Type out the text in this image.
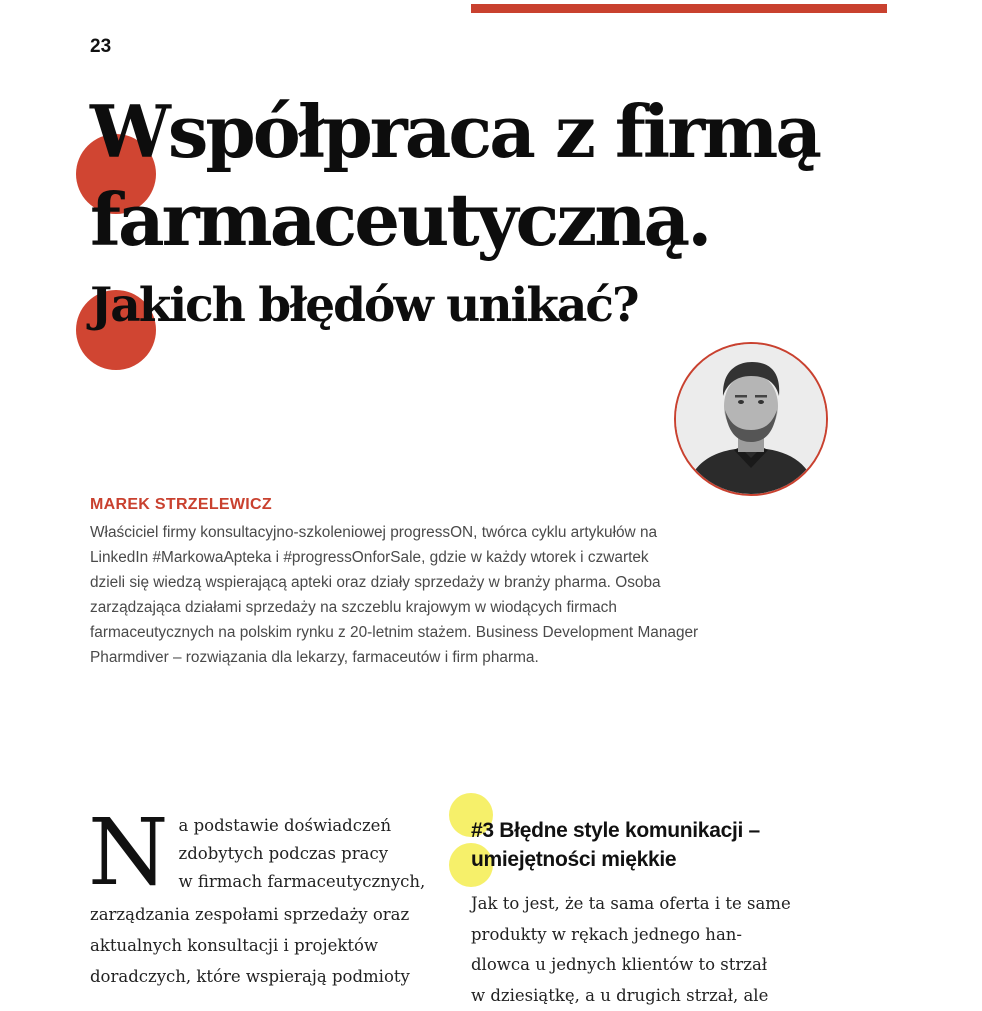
23
Współpraca z firmą
farmaceutyczną.
Jakich błędów unikać?
MAREK STRZELEWICZ

Właściciel firmy konsultacyjno-szkoleniowej progressON, twórca cyklu artykułów na
LinkedIn #MarkowaApteka i #progressOnforSale, gdzie w każdy wtorek i czwartek
dzieli się wiedzą wspierającą apteki oraz działy sprzedaży w branży pharma. Osoba
zarządzająca działami sprzedaży na szczeblu krajowym w wiodących firmach
farmaceutycznych na polskim rynku z 20-letnim stażem. Business Development Manager
Pharmdiver – rozwiązania dla lekarzy, farmaceutów i firm pharma.

N a podstawie doświadczeń
zdobytych podczas pracy
w firmach farmaceutycznych,

zarządzania zespołami sprzedaży oraz
aktualnych konsultacji i projektów
doradczych, które wspierają podmioty

#3 Błędne style komunikacji –
umiejętności miękkie

Jak to jest, że ta sama oferta i te same
produkty w rękach jednego han-
dlowca u jednych klientów to strzał
w dziesiątkę, a u drugich strzał, ale
